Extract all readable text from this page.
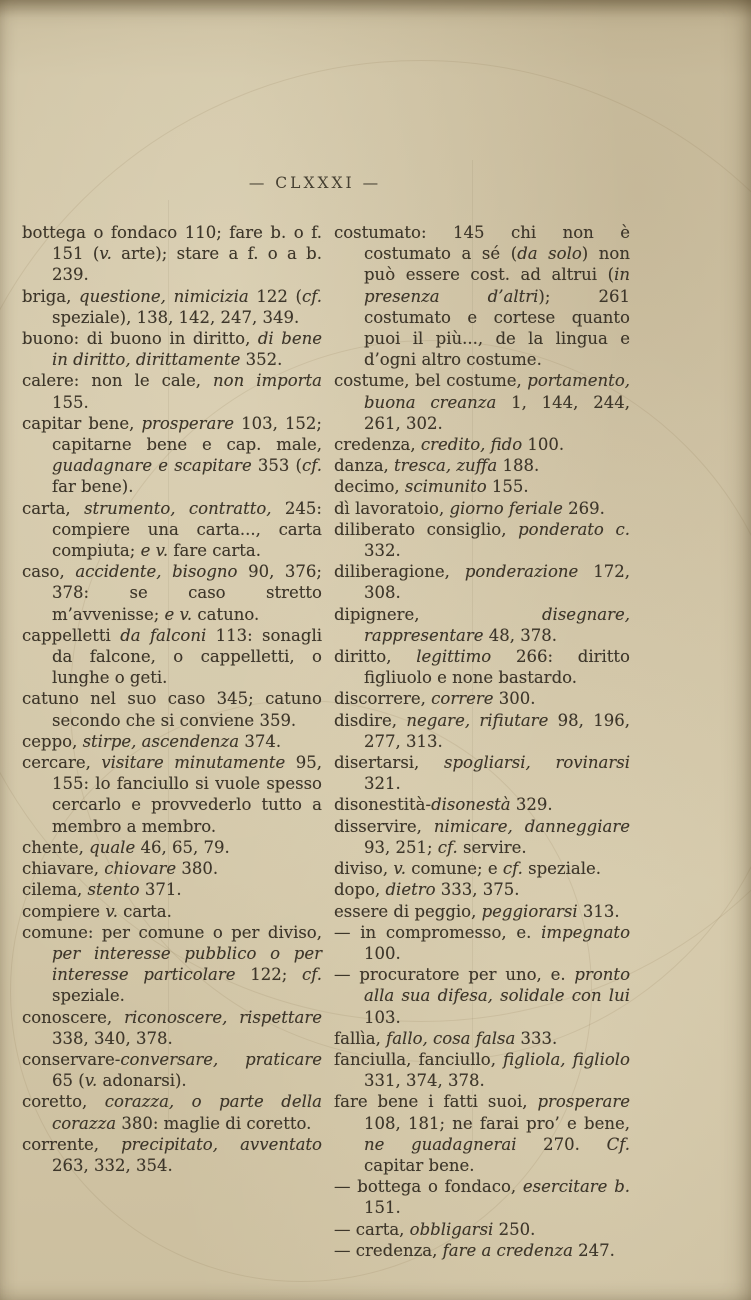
— CLXXXI —

bottega o fondaco 110; fare b. o f. 151 (v. arte); stare a f. o a b. 239.

briga, questione, nimicizia 122 (cf. speziale), 138, 142, 247, 349.

buono: di buono in diritto, di bene in diritto, dirittamente 352.

calere: non le cale, non importa 155.

capitar bene, prosperare 103, 152; capitarne bene e cap. male, guadagnare e scapitare 353 (cf. far bene).

carta, strumento, contratto, 245: compiere una carta..., carta compiuta; e v. fare carta.

caso, accidente, bisogno 90, 376; 378: se caso stretto m’avvenisse; e v. catuno.

cappelletti da falconi 113: sonagli da falcone, o cappelletti, o lunghe o geti.

catuno nel suo caso 345; catuno secondo che si conviene 359.

ceppo, stirpe, ascendenza 374.

cercare, visitare minutamente 95, 155: lo fanciullo si vuole spesso cercarlo e provvederlo tutto a membro a membro.

chente, quale 46, 65, 79.

chiavare, chiovare 380.

cilema, stento 371.

compiere v. carta.

comune: per comune o per diviso, per interesse pubblico o per interesse particolare 122; cf. speziale.

conoscere, riconoscere, rispettare 338, 340, 378.

conservare-conversare, praticare 65 (v. adonarsi).

coretto, corazza, o parte della corazza 380: maglie di coretto.

corrente, precipitato, avventato 263, 332, 354.

costumato: 145 chi non è costumato a sé (da solo) non può essere cost. ad altrui (in presenza d’altri); 261 costumato e cortese quanto puoi il più..., de la lingua e d’ogni altro costume.

costume, bel costume, portamento, buona creanza 1, 144, 244, 261, 302.

credenza, credito, fido 100.

danza, tresca, zuffa 188.

decimo, scimunito 155.

dì lavoratoio, giorno feriale 269.

diliberato consiglio, ponderato c. 332.

diliberagione, ponderazione 172, 308.

dipignere, disegnare, rappresentare 48, 378.

diritto, legittimo 266: diritto figliuolo e none bastardo.

discorrere, correre 300.

disdire, negare, rifiutare 98, 196, 277, 313.

disertarsi, spogliarsi, rovinarsi 321.

disonestità-disonestà 329.

disservire, nimicare, danneggiare 93, 251; cf. servire.

diviso, v. comune; e cf. speziale.

dopo, dietro 333, 375.

essere di peggio, peggiorarsi 313.

— in compromesso, e. impegnato 100.

— procuratore per uno, e. pronto alla sua difesa, solidale con lui 103.

fallìa, fallo, cosa falsa 333.

fanciulla, fanciullo, figliola, figliolo 331, 374, 378.

fare bene i fatti suoi, prosperare 108, 181; ne farai pro’ e bene, ne guadagnerai 270. Cf. capitar bene.

— bottega o fondaco, esercitare b. 151.

— carta, obbligarsi 250.

— credenza, fare a credenza 247.
